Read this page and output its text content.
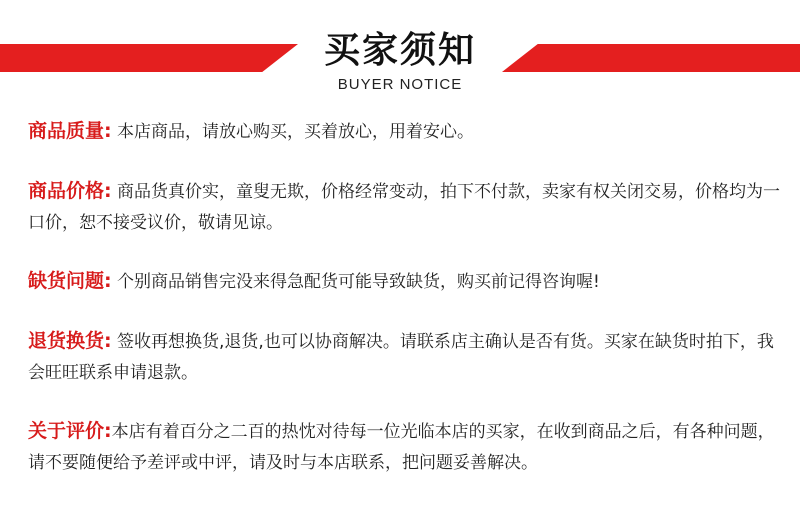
买家须知
BUYER NOTICE
商品质量: 本店商品，请放心购买，买着放心，用着安心。
商品价格: 商品货真价实，童叟无欺，价格经常变动，拍下不付款，卖家有权关闭交易，价格均为一口价，恕不接受议价，敬请见谅。
缺货问题: 个别商品销售完没来得急配货可能导致缺货，购买前记得咨询喔!
退货换货: 签收再想换货,退货,也可以协商解决。请联系店主确认是否有货。买家在缺货时拍下，我会旺旺联系申请退款。
关于评价:本店有着百分之二百的热忱对待每一位光临本店的买家，在收到商品之后，有各种问题，请不要随便给予差评或中评，请及时与本店联系，把问题妥善解决。
